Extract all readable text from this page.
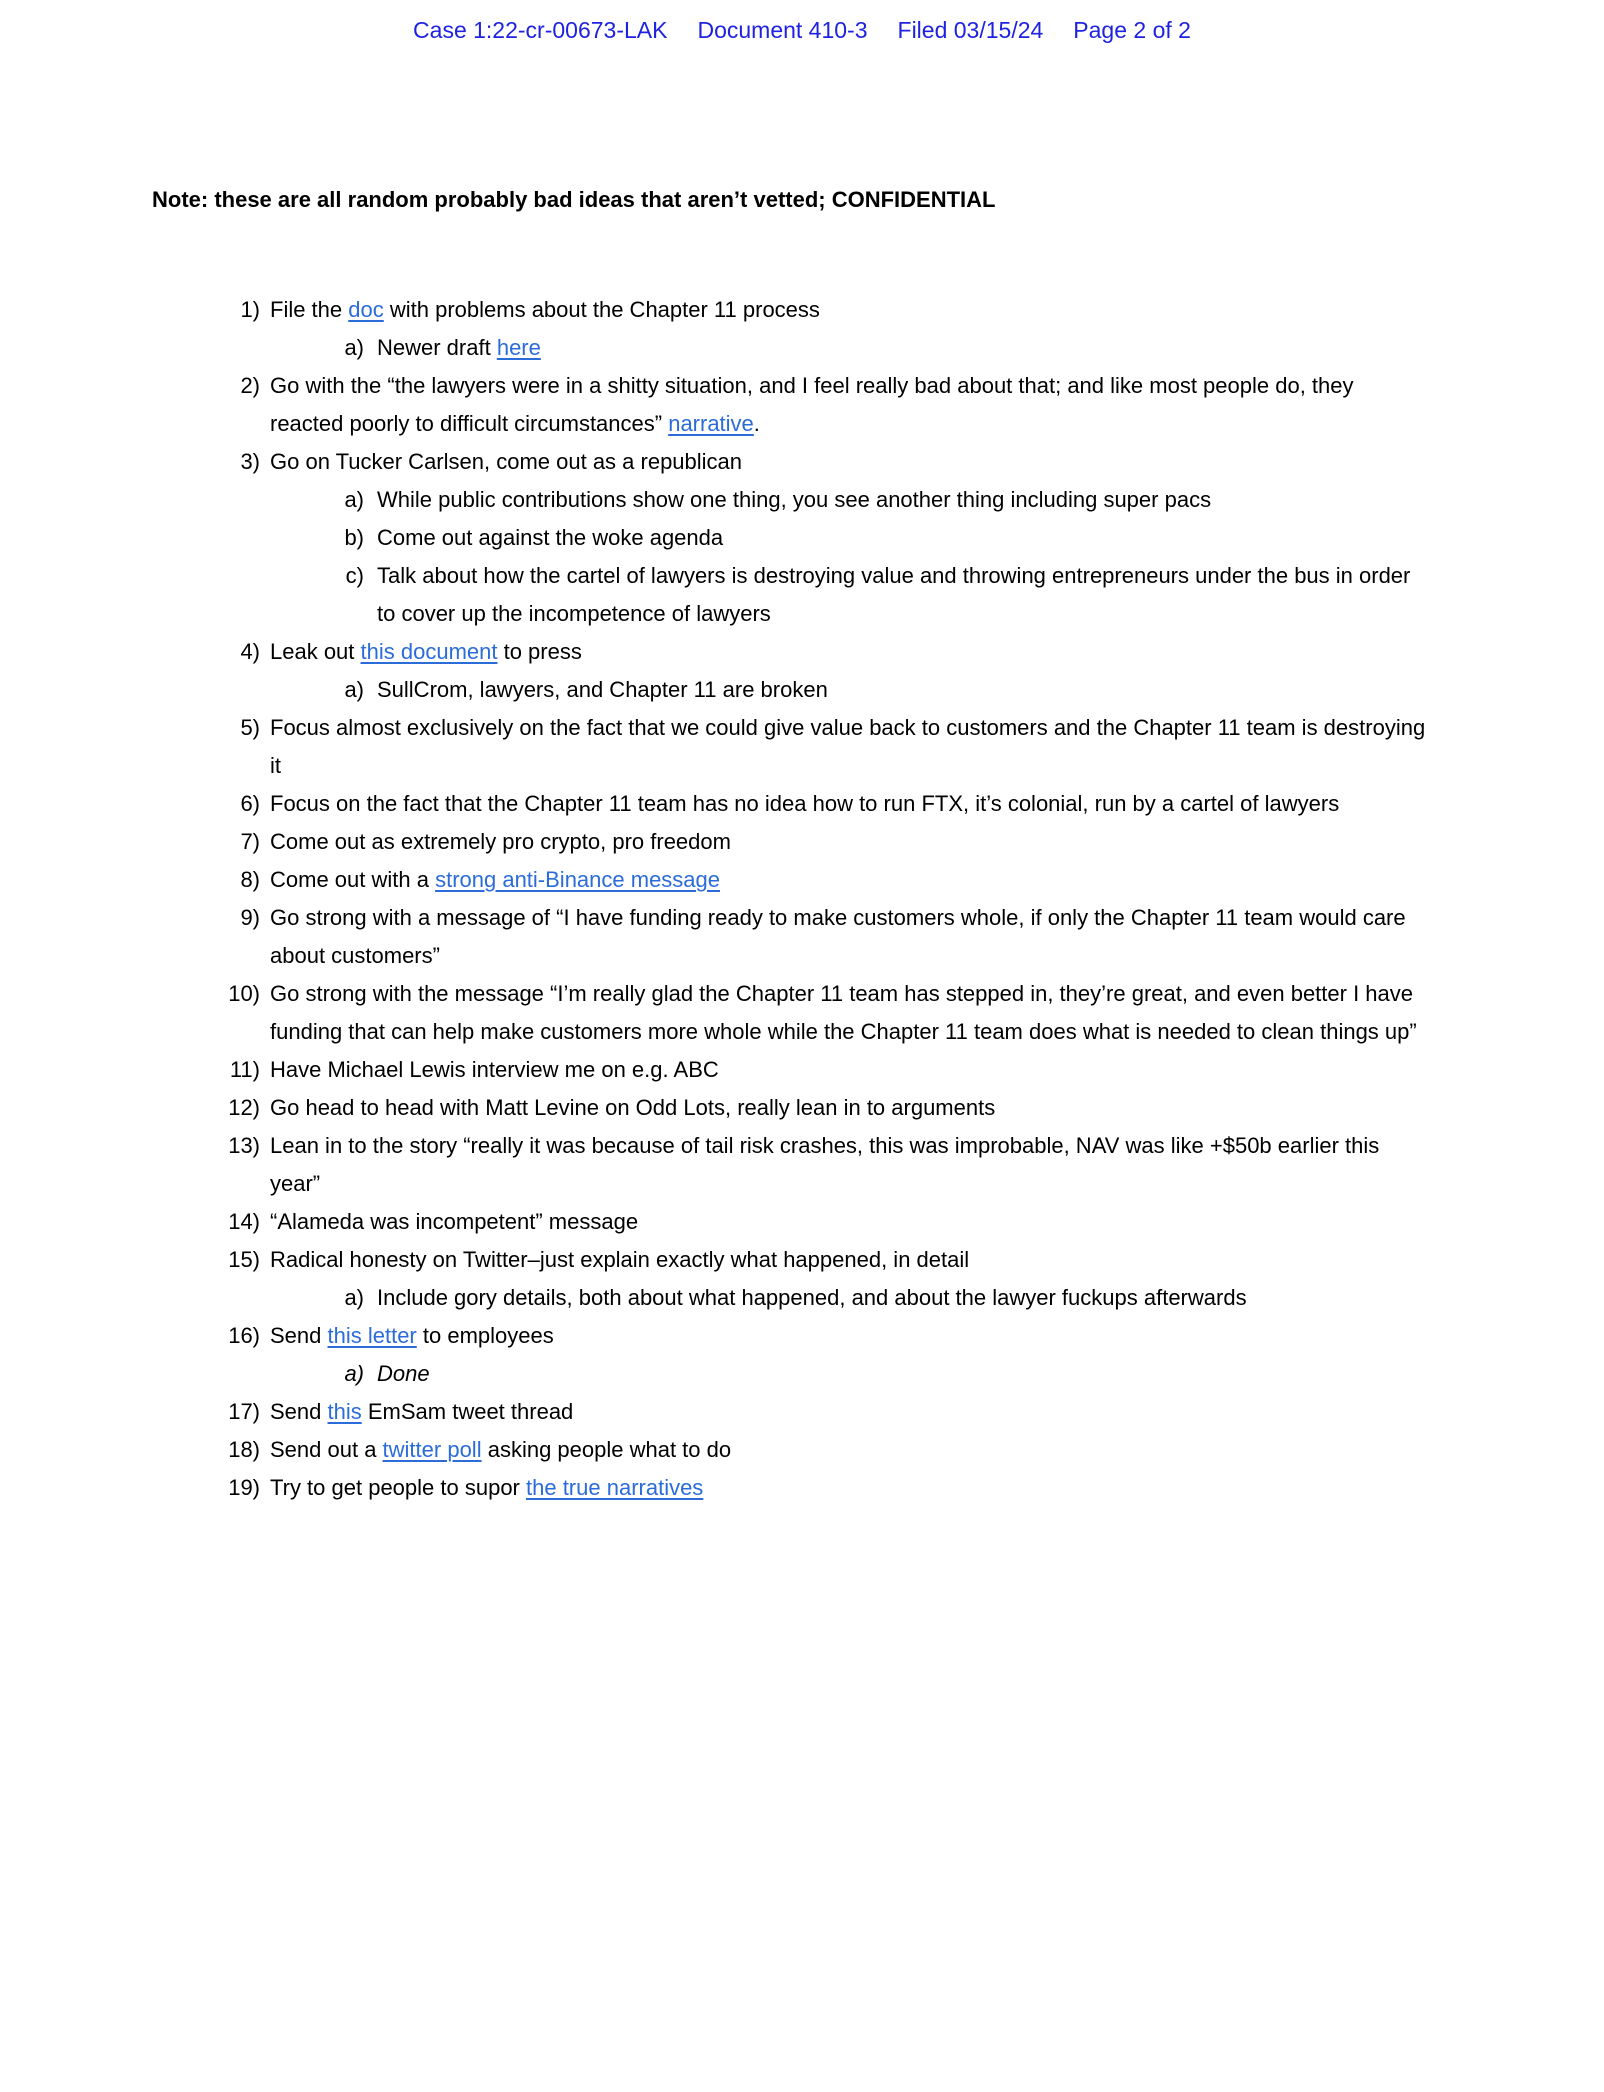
Case 1:22-cr-00673-LAK Document 410-3 Filed 03/15/24 Page 2 of 2
Note: these are all random probably bad ideas that aren’t vetted; CONFIDENTIAL
1) File the doc with problems about the Chapter 11 process
a) Newer draft here
2) Go with the “the lawyers were in a shitty situation, and I feel really bad about that; and like most people do, they reacted poorly to difficult circumstances” narrative.
3) Go on Tucker Carlsen, come out as a republican
a) While public contributions show one thing, you see another thing including super pacs
b) Come out against the woke agenda
c) Talk about how the cartel of lawyers is destroying value and throwing entrepreneurs under the bus in order to cover up the incompetence of lawyers
4) Leak out this document to press
a) SullCrom, lawyers, and Chapter 11 are broken
5) Focus almost exclusively on the fact that we could give value back to customers and the Chapter 11 team is destroying it
6) Focus on the fact that the Chapter 11 team has no idea how to run FTX, it’s colonial, run by a cartel of lawyers
7) Come out as extremely pro crypto, pro freedom
8) Come out with a strong anti-Binance message
9) Go strong with a message of “I have funding ready to make customers whole, if only the Chapter 11 team would care about customers”
10) Go strong with the message “I’m really glad the Chapter 11 team has stepped in, they’re great, and even better I have funding that can help make customers more whole while the Chapter 11 team does what is needed to clean things up”
11) Have Michael Lewis interview me on e.g. ABC
12) Go head to head with Matt Levine on Odd Lots, really lean in to arguments
13) Lean in to the story “really it was because of tail risk crashes, this was improbable, NAV was like +$50b earlier this year”
14) “Alameda was incompetent” message
15) Radical honesty on Twitter–just explain exactly what happened, in detail
a) Include gory details, both about what happened, and about the lawyer fuckups afterwards
16) Send this letter to employees
a) Done
17) Send this EmSam tweet thread
18) Send out a twitter poll asking people what to do
19) Try to get people to supor the true narratives
